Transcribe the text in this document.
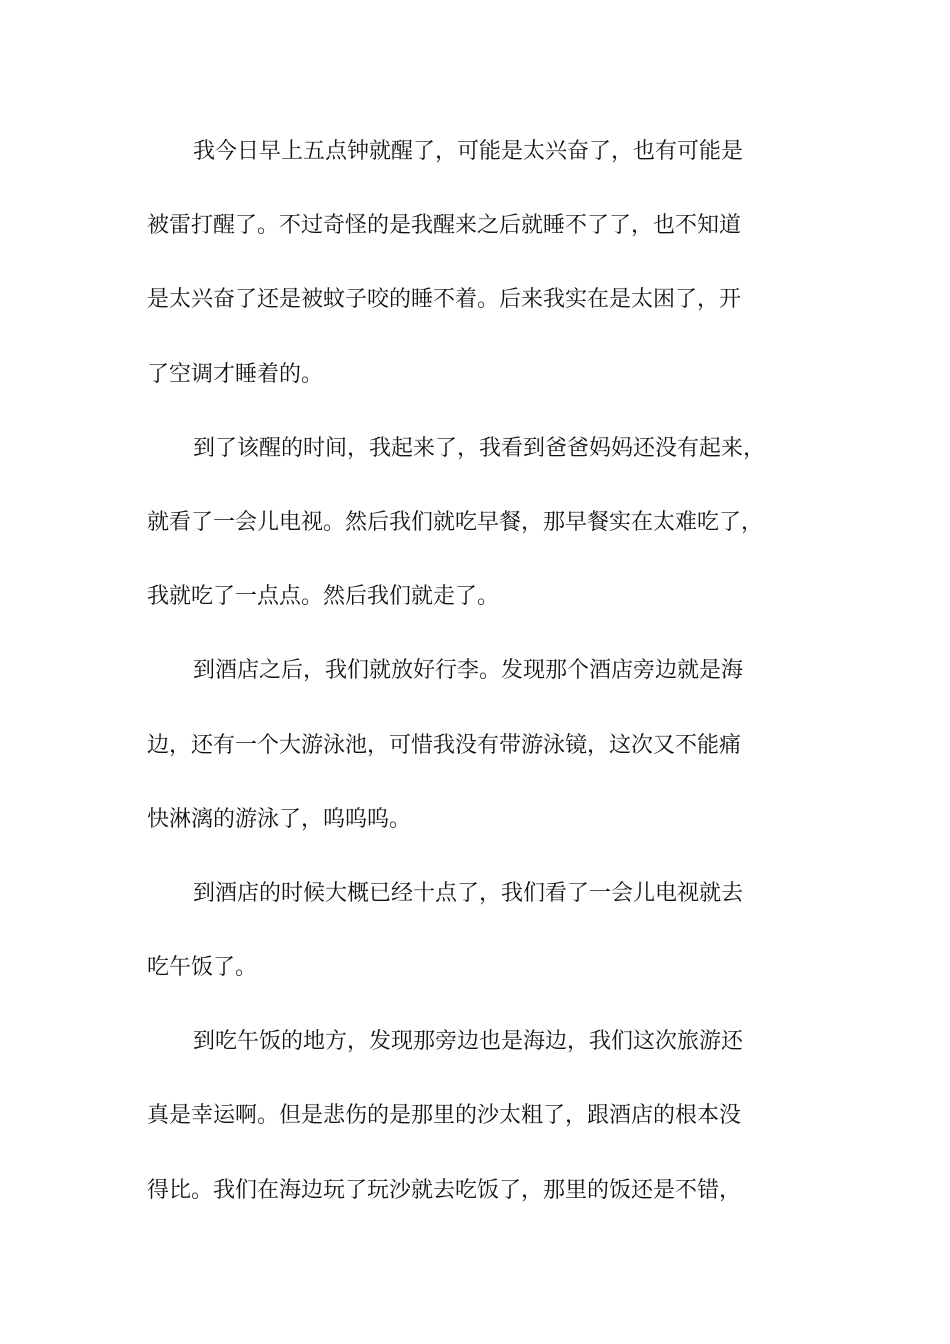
我今日早上五点钟就醒了，可能是太兴奋了，也有可能是
被雷打醒了。不过奇怪的是我醒来之后就睡不了了，也不知道
是太兴奋了还是被蚊子咬的睡不着。后来我实在是太困了，开
了空调才睡着的。
到了该醒的时间，我起来了，我看到爸爸妈妈还没有起来，
就看了一会儿电视。然后我们就吃早餐，那早餐实在太难吃了，
我就吃了一点点。然后我们就走了。
到酒店之后，我们就放好行李。发现那个酒店旁边就是海
边，还有一个大游泳池，可惜我没有带游泳镜，这次又不能痛
快淋漓的游泳了，呜呜呜。
到酒店的时候大概已经十点了，我们看了一会儿电视就去
吃午饭了。
到吃午饭的地方，发现那旁边也是海边，我们这次旅游还
真是幸运啊。但是悲伤的是那里的沙太粗了，跟酒店的根本没
得比。我们在海边玩了玩沙就去吃饭了，那里的饭还是不错，
